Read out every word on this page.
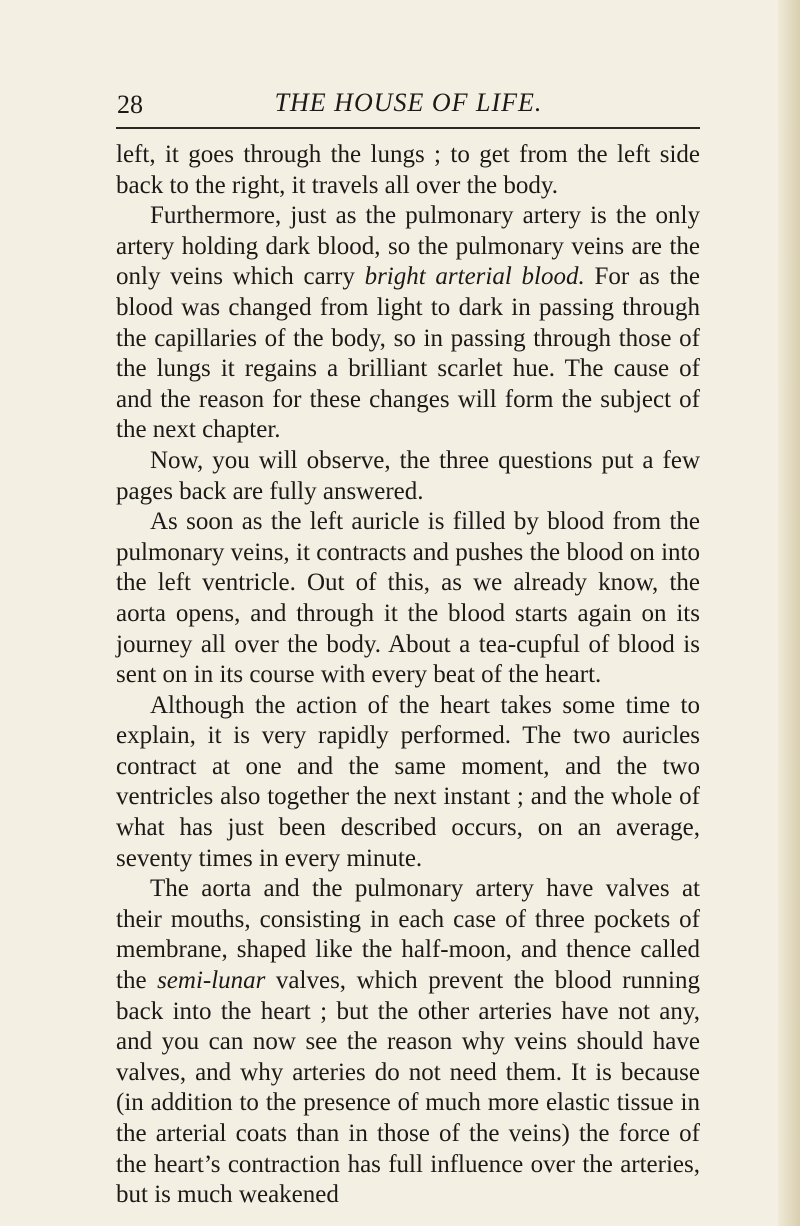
28	THE HOUSE OF LIFE.

left, it goes through the lungs ; to get from the left side back to the right, it travels all over the body.

Furthermore, just as the pulmonary artery is the only artery holding dark blood, so the pulmonary veins are the only veins which carry bright arterial blood. For as the blood was changed from light to dark in passing through the capillaries of the body, so in passing through those of the lungs it regains a brilliant scarlet hue. The cause of and the reason for these changes will form the subject of the next chapter.

Now, you will observe, the three questions put a few pages back are fully answered.

As soon as the left auricle is filled by blood from the pulmonary veins, it contracts and pushes the blood on into the left ventricle. Out of this, as we already know, the aorta opens, and through it the blood starts again on its journey all over the body. About a tea-cupful of blood is sent on in its course with every beat of the heart.

Although the action of the heart takes some time to explain, it is very rapidly performed. The two auricles contract at one and the same moment, and the two ventricles also together the next instant ; and the whole of what has just been described occurs, on an average, seventy times in every minute.

The aorta and the pulmonary artery have valves at their mouths, consisting in each case of three pockets of membrane, shaped like the half-moon, and thence called the semi-lunar valves, which prevent the blood running back into the heart ; but the other arteries have not any, and you can now see the reason why veins should have valves, and why arteries do not need them. It is because (in addition to the presence of much more elastic tissue in the arterial coats than in those of the veins) the force of the heart’s contraction has full influence over the arteries, but is much weakened
